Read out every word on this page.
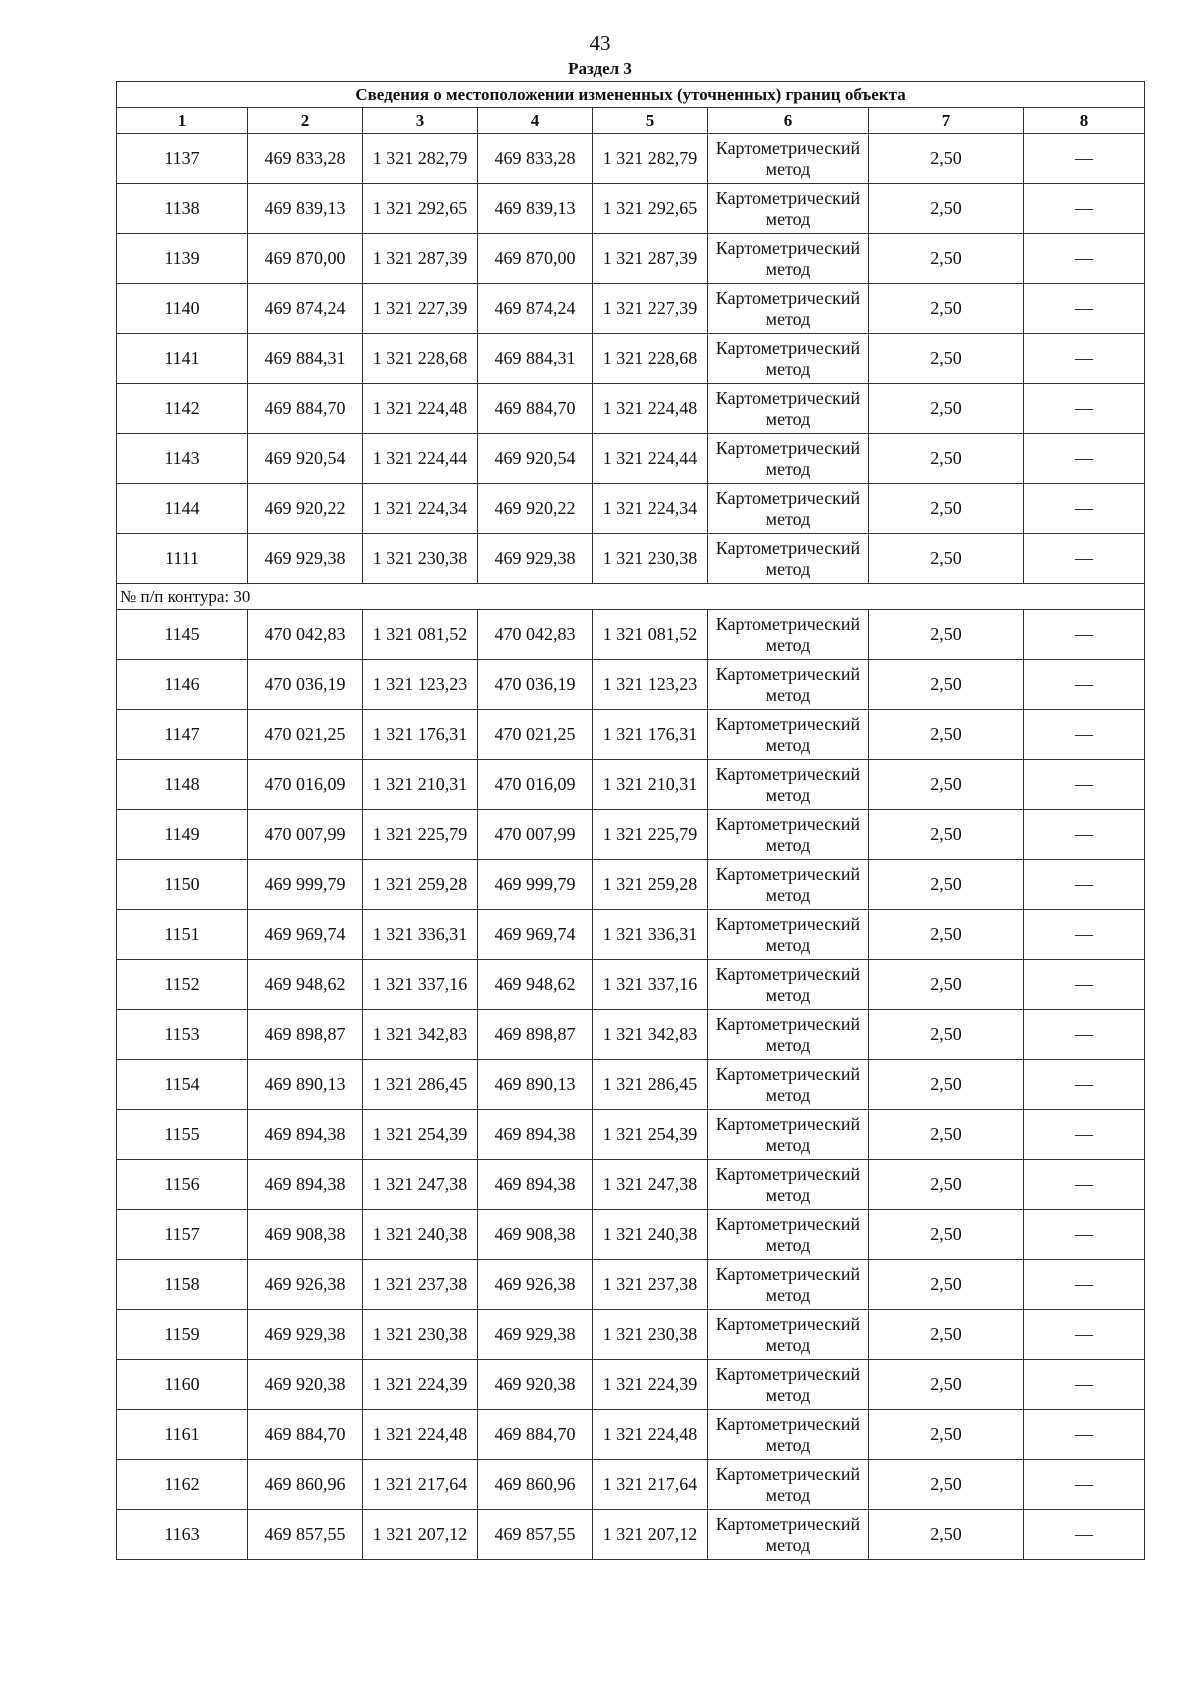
43
Раздел 3
Сведения о местоположении измененных (уточненных) границ объекта							
1	2	3	4	5	6	7	8
1137	469 833,28	1 321 282,79	469 833,28	1 321 282,79	Картометрический метод	2,50	—
1138	469 839,13	1 321 292,65	469 839,13	1 321 292,65	Картометрический метод	2,50	—
1139	469 870,00	1 321 287,39	469 870,00	1 321 287,39	Картометрический метод	2,50	—
1140	469 874,24	1 321 227,39	469 874,24	1 321 227,39	Картометрический метод	2,50	—
1141	469 884,31	1 321 228,68	469 884,31	1 321 228,68	Картометрический метод	2,50	—
1142	469 884,70	1 321 224,48	469 884,70	1 321 224,48	Картометрический метод	2,50	—
1143	469 920,54	1 321 224,44	469 920,54	1 321 224,44	Картометрический метод	2,50	—
1144	469 920,22	1 321 224,34	469 920,22	1 321 224,34	Картометрический метод	2,50	—
1111	469 929,38	1 321 230,38	469 929,38	1 321 230,38	Картометрический метод	2,50	—
№ п/п контура: 30							
1145	470 042,83	1 321 081,52	470 042,83	1 321 081,52	Картометрический метод	2,50	—
1146	470 036,19	1 321 123,23	470 036,19	1 321 123,23	Картометрический метод	2,50	—
1147	470 021,25	1 321 176,31	470 021,25	1 321 176,31	Картометрический метод	2,50	—
1148	470 016,09	1 321 210,31	470 016,09	1 321 210,31	Картометрический метод	2,50	—
1149	470 007,99	1 321 225,79	470 007,99	1 321 225,79	Картометрический метод	2,50	—
1150	469 999,79	1 321 259,28	469 999,79	1 321 259,28	Картометрический метод	2,50	—
1151	469 969,74	1 321 336,31	469 969,74	1 321 336,31	Картометрический метод	2,50	—
1152	469 948,62	1 321 337,16	469 948,62	1 321 337,16	Картометрический метод	2,50	—
1153	469 898,87	1 321 342,83	469 898,87	1 321 342,83	Картометрический метод	2,50	—
1154	469 890,13	1 321 286,45	469 890,13	1 321 286,45	Картометрический метод	2,50	—
1155	469 894,38	1 321 254,39	469 894,38	1 321 254,39	Картометрический метод	2,50	—
1156	469 894,38	1 321 247,38	469 894,38	1 321 247,38	Картометрический метод	2,50	—
1157	469 908,38	1 321 240,38	469 908,38	1 321 240,38	Картометрический метод	2,50	—
1158	469 926,38	1 321 237,38	469 926,38	1 321 237,38	Картометрический метод	2,50	—
1159	469 929,38	1 321 230,38	469 929,38	1 321 230,38	Картометрический метод	2,50	—
1160	469 920,38	1 321 224,39	469 920,38	1 321 224,39	Картометрический метод	2,50	—
1161	469 884,70	1 321 224,48	469 884,70	1 321 224,48	Картометрический метод	2,50	—
1162	469 860,96	1 321 217,64	469 860,96	1 321 217,64	Картометрический метод	2,50	—
1163	469 857,55	1 321 207,12	469 857,55	1 321 207,12	Картометрический метод	2,50	—
